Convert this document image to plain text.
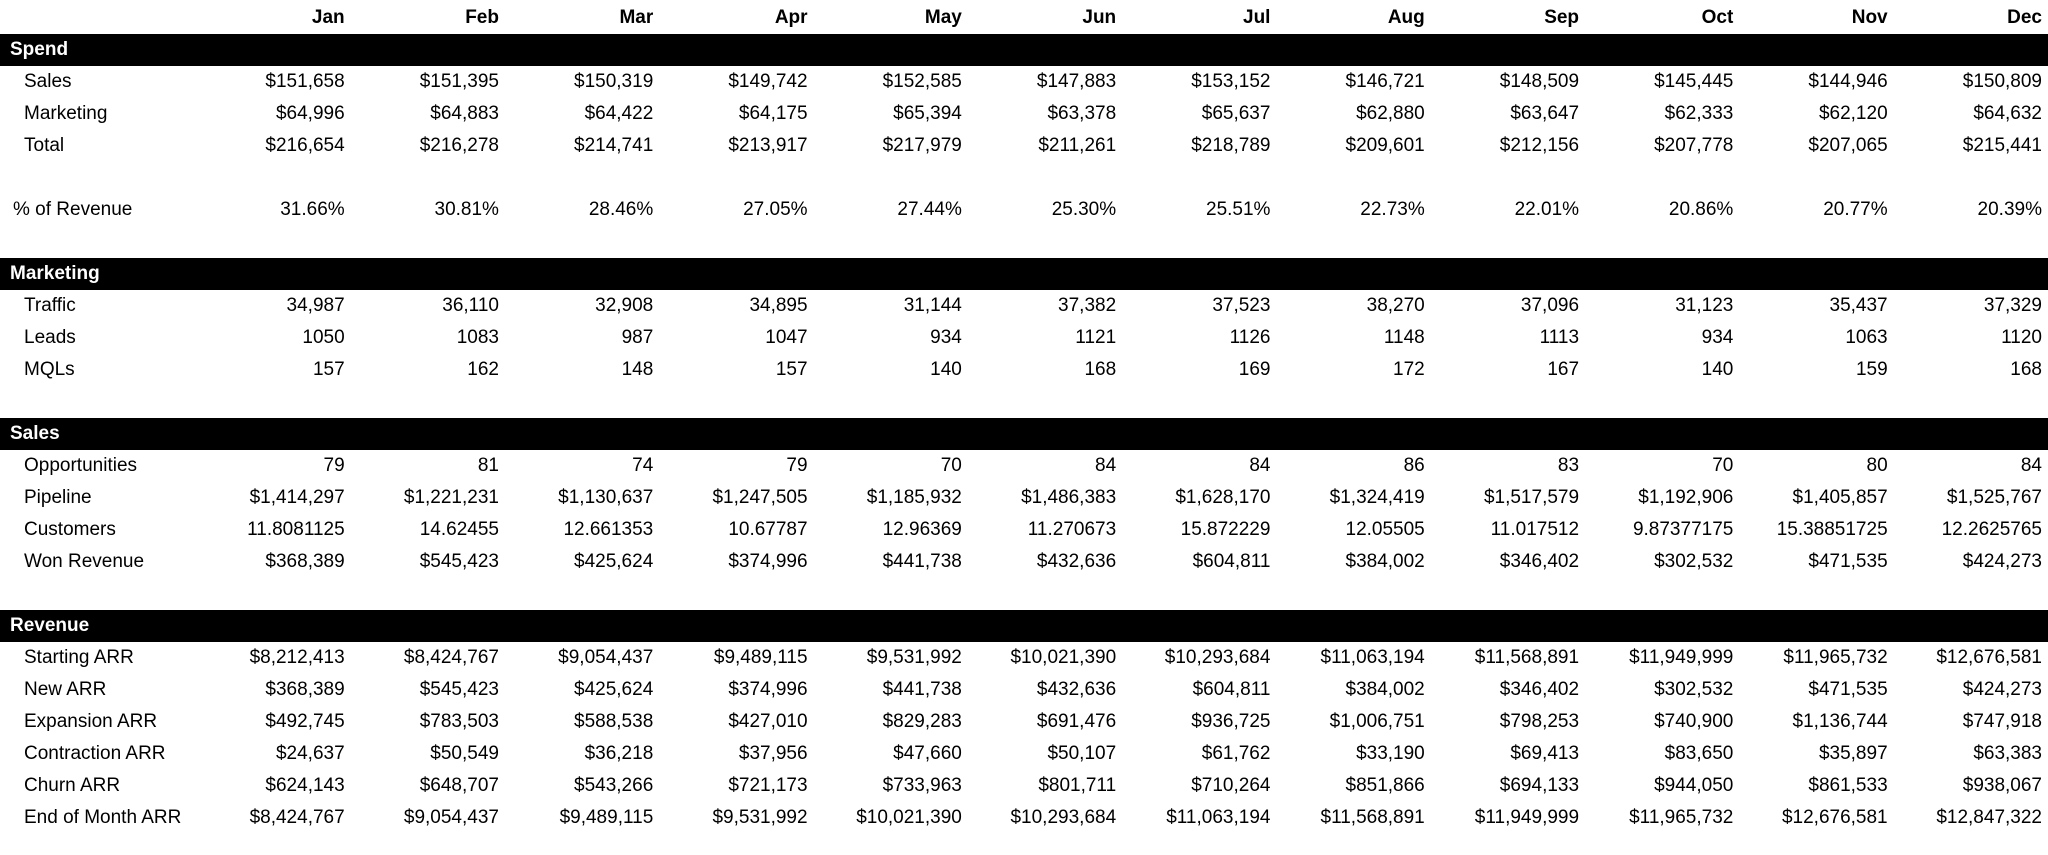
	Jan	Feb	Mar	Apr	May	Jun	Jul	Aug	Sep	Oct	Nov	Dec
Spend												
Sales	$151,658	$151,395	$150,319	$149,742	$152,585	$147,883	$153,152	$146,721	$148,509	$145,445	$144,946	$150,809
Marketing	$64,996	$64,883	$64,422	$64,175	$65,394	$63,378	$65,637	$62,880	$63,647	$62,333	$62,120	$64,632
Total	$216,654	$216,278	$214,741	$213,917	$217,979	$211,261	$218,789	$209,601	$212,156	$207,778	$207,065	$215,441

% of Revenue	31.66%	30.81%	28.46%	27.05%	27.44%	25.30%	25.51%	22.73%	22.01%	20.86%	20.77%	20.39%

Marketing												
Traffic	34,987	36,110	32,908	34,895	31,144	37,382	37,523	38,270	37,096	31,123	35,437	37,329
Leads	1050	1083	987	1047	934	1121	1126	1148	1113	934	1063	1120
MQLs	157	162	148	157	140	168	169	172	167	140	159	168

Sales												
Opportunities	79	81	74	79	70	84	84	86	83	70	80	84
Pipeline	$1,414,297	$1,221,231	$1,130,637	$1,247,505	$1,185,932	$1,486,383	$1,628,170	$1,324,419	$1,517,579	$1,192,906	$1,405,857	$1,525,767
Customers	11.8081125	14.62455	12.661353	10.67787	12.96369	11.270673	15.872229	12.05505	11.017512	9.87377175	15.38851725	12.2625765
Won Revenue	$368,389	$545,423	$425,624	$374,996	$441,738	$432,636	$604,811	$384,002	$346,402	$302,532	$471,535	$424,273

Revenue												
Starting ARR	$8,212,413	$8,424,767	$9,054,437	$9,489,115	$9,531,992	$10,021,390	$10,293,684	$11,063,194	$11,568,891	$11,949,999	$11,965,732	$12,676,581
New ARR	$368,389	$545,423	$425,624	$374,996	$441,738	$432,636	$604,811	$384,002	$346,402	$302,532	$471,535	$424,273
Expansion ARR	$492,745	$783,503	$588,538	$427,010	$829,283	$691,476	$936,725	$1,006,751	$798,253	$740,900	$1,136,744	$747,918
Contraction ARR	$24,637	$50,549	$36,218	$37,956	$47,660	$50,107	$61,762	$33,190	$69,413	$83,650	$35,897	$63,383
Churn ARR	$624,143	$648,707	$543,266	$721,173	$733,963	$801,711	$710,264	$851,866	$694,133	$944,050	$861,533	$938,067
End of Month ARR	$8,424,767	$9,054,437	$9,489,115	$9,531,992	$10,021,390	$10,293,684	$11,063,194	$11,568,891	$11,949,999	$11,965,732	$12,676,581	$12,847,322
